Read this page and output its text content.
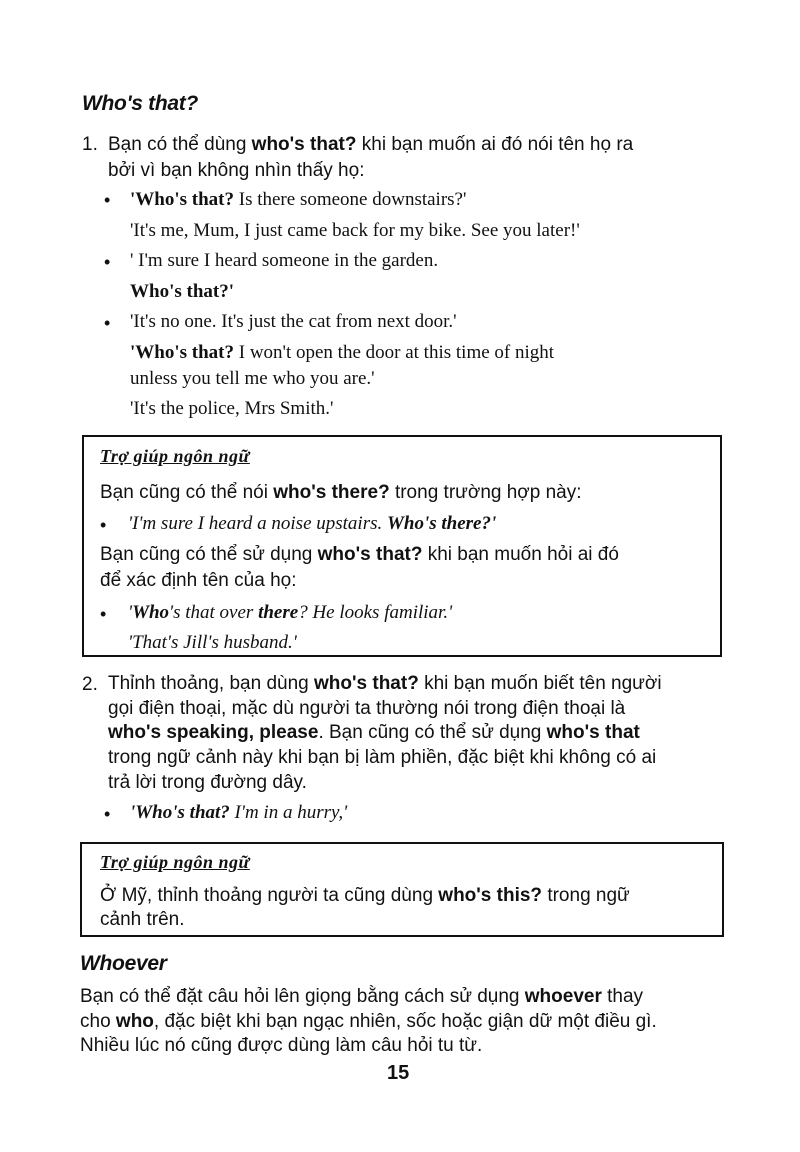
Who's that?
1. Bạn có thể dùng who's that? khi bạn muốn ai đó nói tên họ ra
bởi vì bạn không nhìn thấy họ:
• 'Who's that? Is there someone downstairs?'
'It's me, Mum, I just came back for my bike. See you later!'
• ' I'm sure I heard someone in the garden.
Who's that?'
• 'It's no one. It's just the cat from next door.'
'Who's that? I won't open the door at this time of night
unless you tell me who you are.'
'It's the police, Mrs Smith.'
Trợ giúp ngôn ngữ
Bạn cũng có thể nói who's there? trong trường hợp này:
• 'I'm sure I heard a noise upstairs. Who's there?'
Bạn cũng có thể sử dụng who's that? khi bạn muốn hỏi ai đó
để xác định tên của họ:
• 'Who's that over there? He looks familiar.'
'That's Jill's husband.'
2. Thỉnh thoảng, bạn dùng who's that? khi bạn muốn biết tên người
gọi điện thoại, mặc dù người ta thường nói trong điện thoại là
who's speaking, please. Bạn cũng có thể sử dụng who's that
trong ngữ cảnh này khi bạn bị làm phiền, đặc biệt khi không có ai
trả lời trong đường dây.
• 'Who's that? I'm in a hurry,'
Trợ giúp ngôn ngữ
Ở Mỹ, thỉnh thoảng người ta cũng dùng who's this? trong ngữ
cảnh trên.
Whoever
Bạn có thể đặt câu hỏi lên giọng bằng cách sử dụng whoever thay
cho who, đặc biệt khi bạn ngạc nhiên, sốc hoặc giận dữ một điều gì.
Nhiều lúc nó cũng được dùng làm câu hỏi tu từ.
15
